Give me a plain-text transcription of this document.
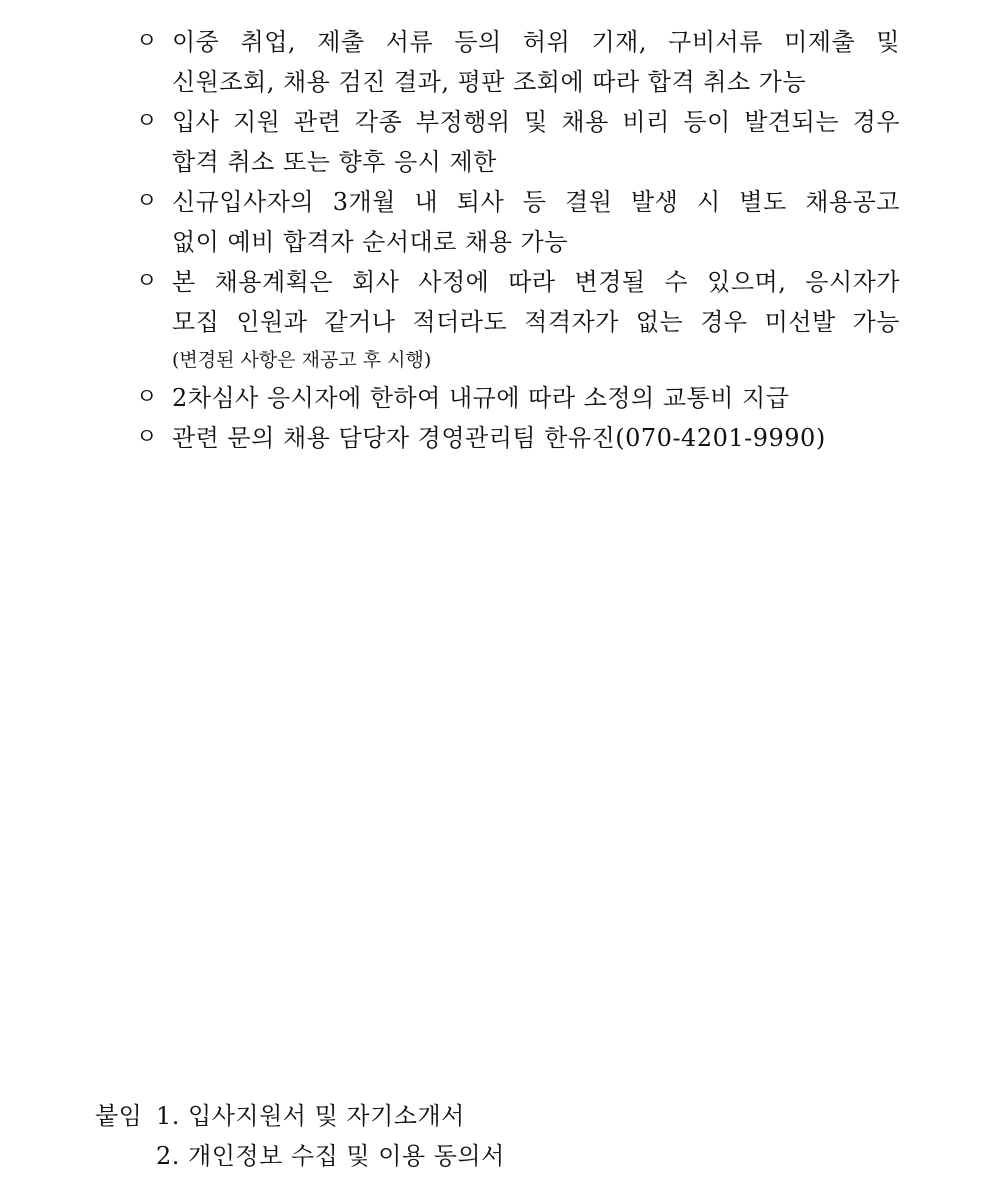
ㅇ 이중 취업, 제출 서류 등의 허위 기재, 구비서류 미제출 및
신원조회, 채용 검진 결과, 평판 조회에 따라 합격 취소 가능
ㅇ 입사 지원 관련 각종 부정행위 및 채용 비리 등이 발견되는 경우
합격 취소 또는 향후 응시 제한
ㅇ 신규입사자의 3개월 내 퇴사 등 결원 발생 시 별도 채용공고
없이 예비 합격자 순서대로 채용 가능
ㅇ 본 채용계획은 회사 사정에 따라 변경될 수 있으며, 응시자가
모집 인원과 같거나 적더라도 적격자가 없는 경우 미선발 가능
(변경된 사항은 재공고 후 시행)
ㅇ 2차심사 응시자에 한하여 내규에 따라 소정의 교통비 지급
ㅇ 관련 문의 채용 담당자 경영관리팀 한유진(070-4201-9990)
붙임 1. 입사지원서 및 자기소개서
2. 개인정보 수집 및 이용 동의서
